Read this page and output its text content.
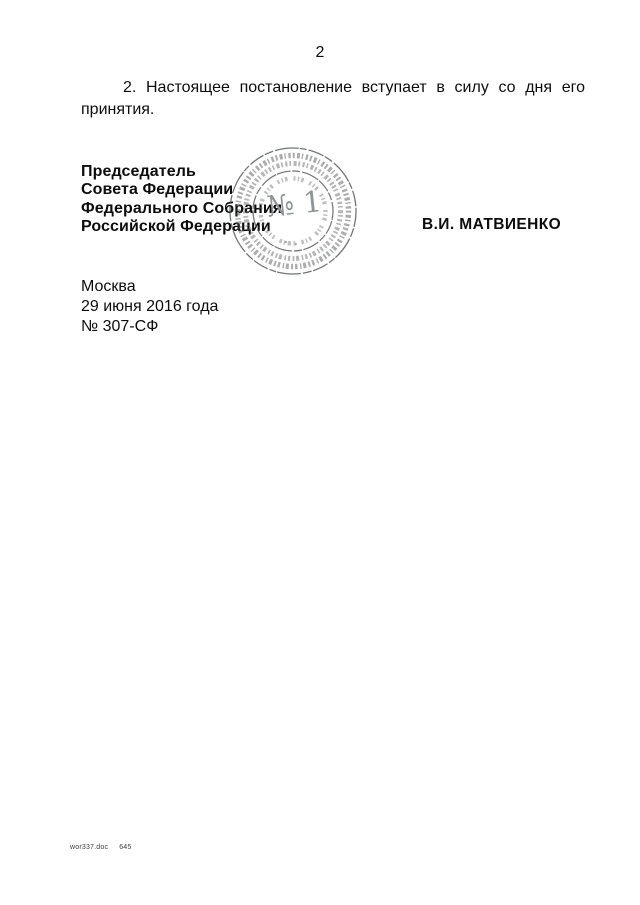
2
2. Настоящее постановление вступает в силу со дня его
принятия.
Председатель
Совета Федерации
Федерального Собрания
Российской Федерации	В.И. МАТВИЕНКО
№ 1
Москва
29 июня 2016 года
№ 307-СФ
wor337.doc 645
